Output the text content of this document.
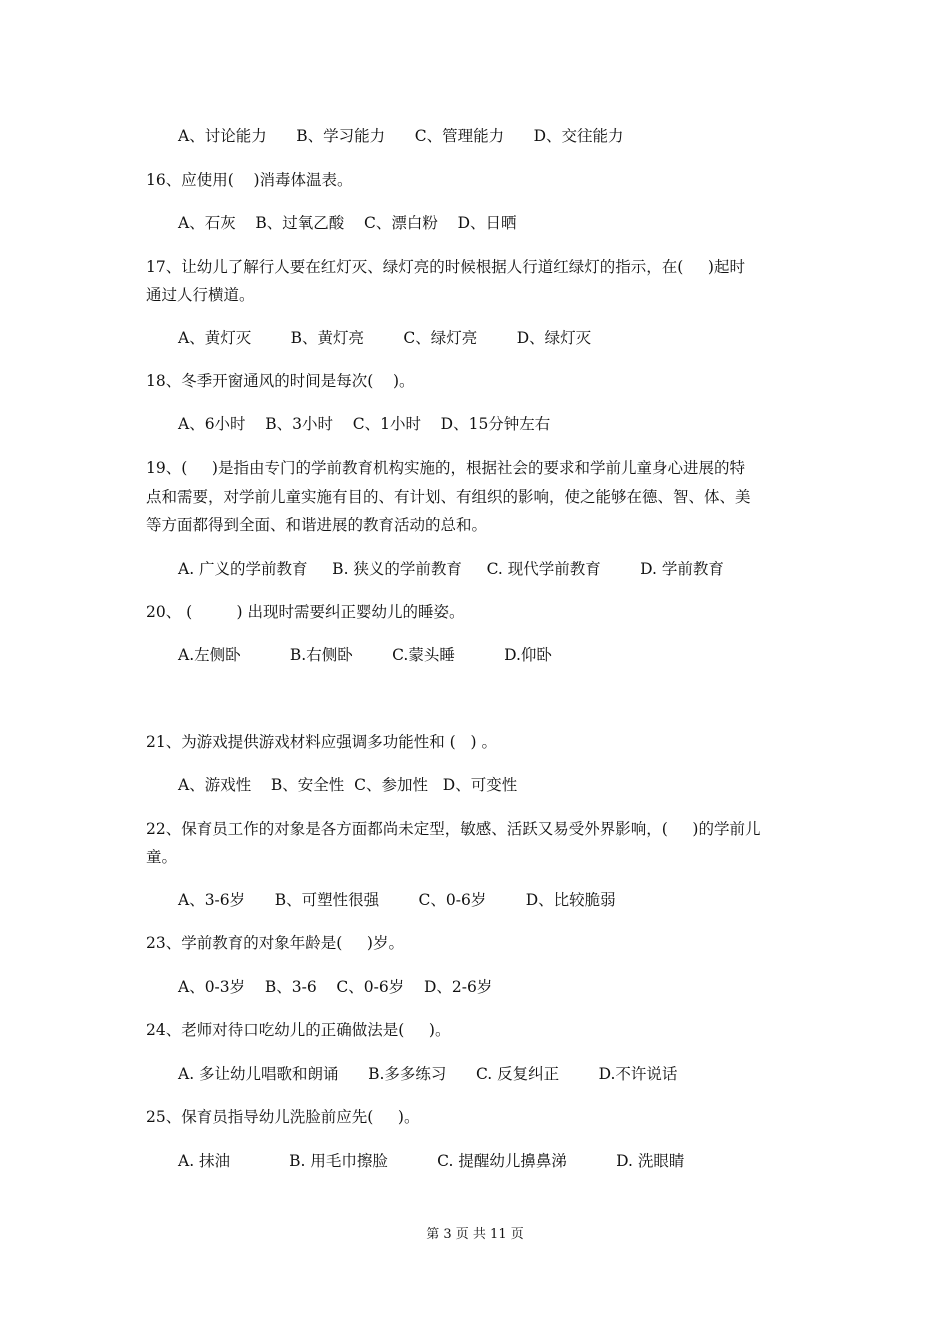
A、讨论能力      B、学习能力      C、管理能力      D、交往能力
16、应使用(    )消毒体温表。
A、石灰    B、过氧乙酸    C、漂白粉    D、日晒
17、让幼儿了解行人要在红灯灭、绿灯亮的时候根据人行道红绿灯的指示，在(     )起时
通过人行横道。
A、黄灯灭        B、黄灯亮        C、绿灯亮        D、绿灯灭
18、冬季开窗通风的时间是每次(    )。
A、6小时    B、3小时    C、1小时    D、15分钟左右
19、(     )是指由专门的学前教育机构实施的，根据社会的要求和学前儿童身心进展的特
点和需要，对学前儿童实施有目的、有计划、有组织的影响，使之能够在德、智、体、美
等方面都得到全面、和谐进展的教育活动的总和。
A. 广义的学前教育     B. 狭义的学前教育     C. 现代学前教育        D. 学前教育
20、 (         ) 出现时需要纠正婴幼儿的睡姿。
A.左侧卧          B.右侧卧        C.蒙头睡          D.仰卧
21、为游戏提供游戏材料应强调多功能性和 (   ) 。
A、游戏性    B、安全性  C、参加性   D、可变性
22、保育员工作的对象是各方面都尚未定型，敏感、活跃又易受外界影响，(     )的学前儿
童。
A、3-6岁      B、可塑性很强        C、0-6岁        D、比较脆弱
23、学前教育的对象年龄是(     )岁。
A、0-3岁    B、3-6    C、0-6岁    D、2-6岁
24、老师对待口吃幼儿的正确做法是(     )。
A. 多让幼儿唱歌和朗诵      B.多多练习      C. 反复纠正        D.不许说话
25、保育员指导幼儿洗脸前应先(     )。
A. 抹油            B. 用毛巾擦脸          C. 提醒幼儿擤鼻涕          D. 洗眼睛
第 3 页 共 11 页
